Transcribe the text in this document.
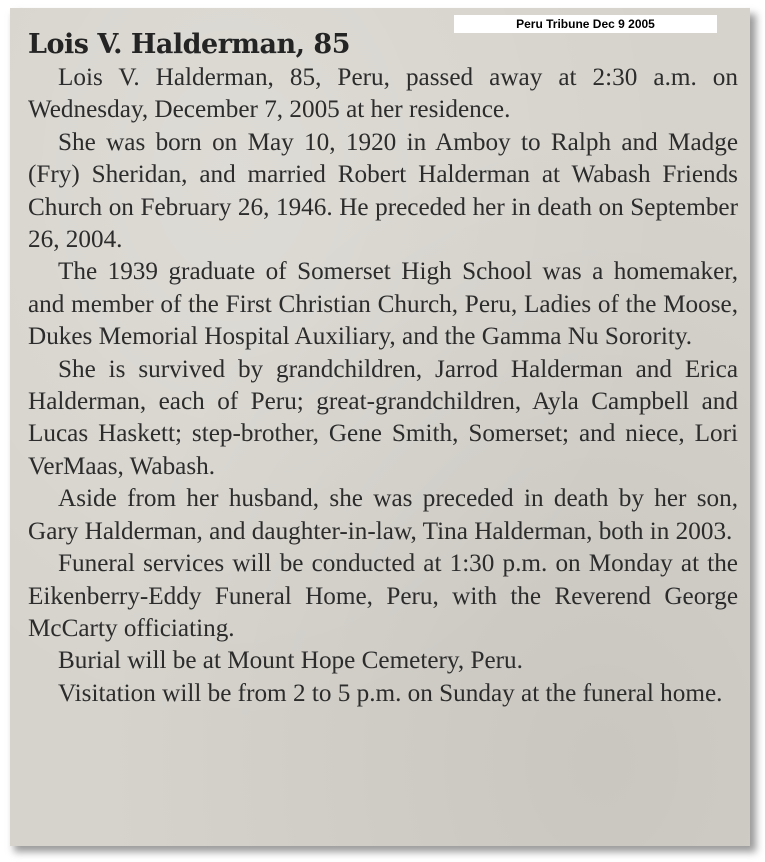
Lois V. Halderman, 85

Lois V. Halderman, 85, Peru, passed away at 2:30 a.m. on Wednesday, December 7, 2005 at her residence.

She was born on May 10, 1920 in Amboy to Ralph and Madge (Fry) Sheridan, and married Robert Halderman at Wabash Friends Church on February 26, 1946. He preceded her in death on September 26, 2004.

The 1939 graduate of Somerset High School was a homemaker, and member of the First Christian Church, Peru, Ladies of the Moose, Dukes Memorial Hospital Auxiliary, and the Gamma Nu Sorority.

She is survived by grandchildren, Jarrod Halderman and Erica Halderman, each of Peru; great-grandchildren, Ayla Campbell and Lucas Haskett; step-brother, Gene Smith, Somerset; and niece, Lori VerMaas, Wabash.

Aside from her husband, she was preceded in death by her son, Gary Halderman, and daughter-in-law, Tina Halderman, both in 2003.

Funeral services will be conducted at 1:30 p.m. on Monday at the Eikenberry-Eddy Funeral Home, Peru, with the Reverend George McCarty officiating.

Burial will be at Mount Hope Cemetery, Peru.

Visitation will be from 2 to 5 p.m. on Sunday at the funeral home.

Peru Tribune Dec 9 2005
